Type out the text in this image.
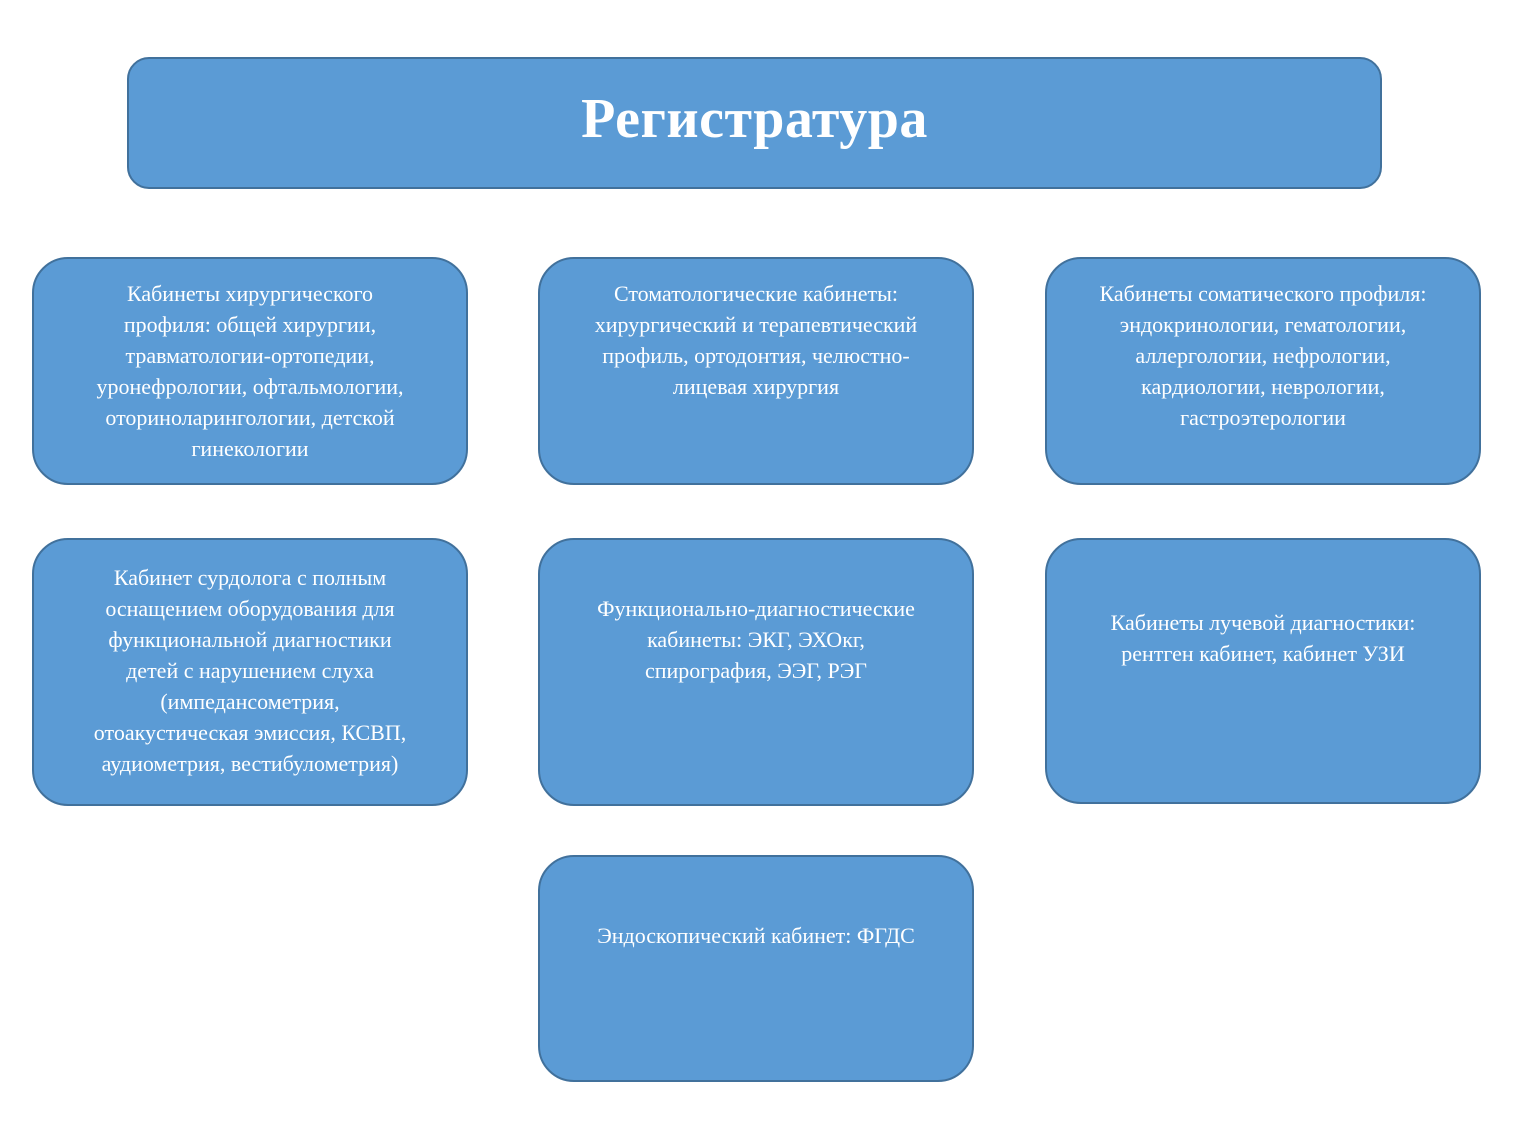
Регистратура
Кабинеты хирургического
профиля: общей хирургии,
травматологии-ортопедии,
уронефрологии, офтальмологии,
оториноларингологии, детской
гинекологии
Стоматологические кабинеты:
хирургический и терапевтический
профиль, ортодонтия, челюстно-
лицевая хирургия
Кабинеты соматического профиля:
эндокринологии, гематологии,
аллергологии, нефрологии,
кардиологии, неврологии,
гастроэтерологии
Кабинет сурдолога с полным
оснащением оборудования для
функциональной диагностики
детей с нарушением слуха
(импедансометрия,
отоакустическая эмиссия, КСВП,
аудиометрия, вестибулометрия)
Функционально-диагностические
кабинеты: ЭКГ, ЭХОкг,
спирография, ЭЭГ, РЭГ
Кабинеты лучевой диагностики:
рентген кабинет, кабинет УЗИ
Эндоскопический кабинет: ФГДС
